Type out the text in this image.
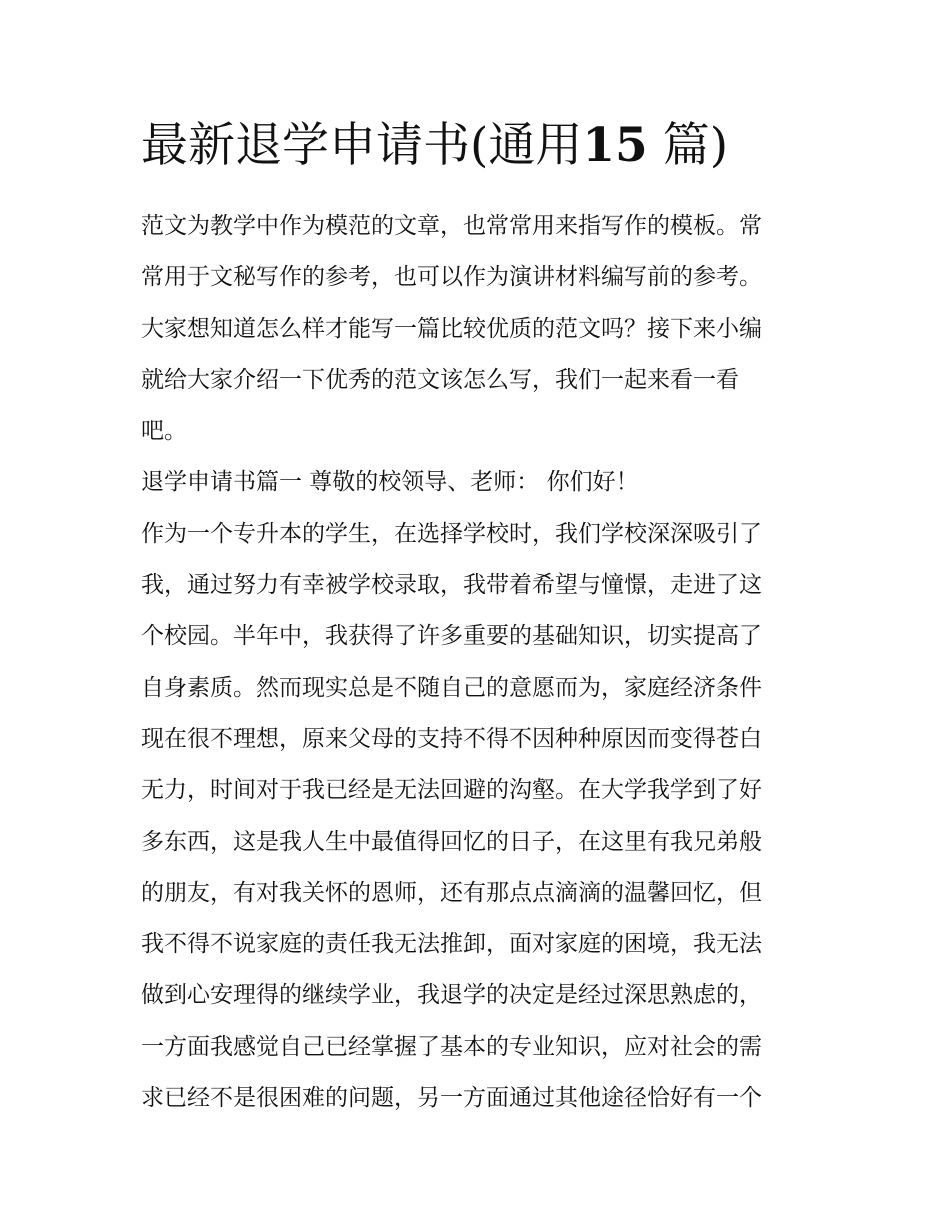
最新退学申请书(通用15 篇)
范文为教学中作为模范的文章，也常常用来指写作的模板。常
常用于文秘写作的参考，也可以作为演讲材料编写前的参考。
大家想知道怎么样才能写一篇比较优质的范文吗？接下来小编
就给大家介绍一下优秀的范文该怎么写，我们一起来看一看
吧。
退学申请书篇一 尊敬的校领导、老师： 你们好！
作为一个专升本的学生，在选择学校时，我们学校深深吸引了
我，通过努力有幸被学校录取，我带着希望与憧憬，走进了这
个校园。半年中，我获得了许多重要的基础知识，切实提高了
自身素质。然而现实总是不随自己的意愿而为，家庭经济条件
现在很不理想，原来父母的支持不得不因种种原因而变得苍白
无力，时间对于我已经是无法回避的沟壑。在大学我学到了好
多东西，这是我人生中最值得回忆的日子，在这里有我兄弟般
的朋友，有对我关怀的恩师，还有那点点滴滴的温馨回忆，但
我不得不说家庭的责任我无法推卸，面对家庭的困境，我无法
做到心安理得的继续学业，我退学的决定是经过深思熟虑的，
一方面我感觉自己已经掌握了基本的专业知识，应对社会的需
求已经不是很困难的问题，另一方面通过其他途径恰好有一个
